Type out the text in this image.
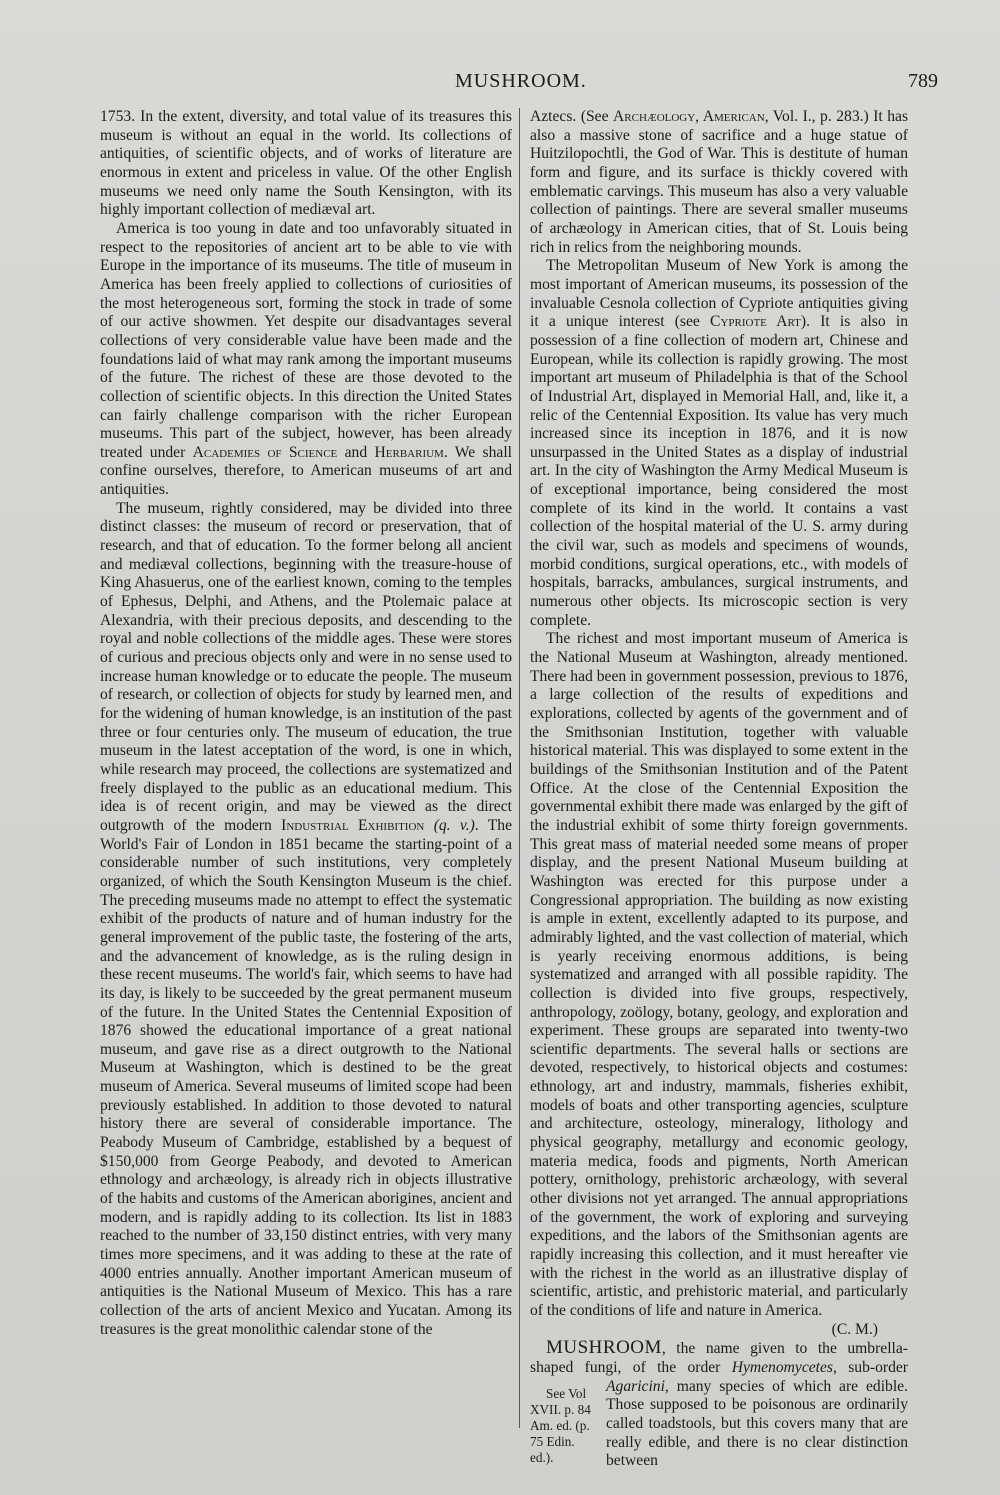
MUSHROOM.	789

1753. In the extent, diversity, and total value of its treasures this museum is without an equal in the world. Its collections of antiquities, of scientific objects, and of works of literature are enormous in extent and priceless in value. Of the other English museums we need only name the South Kensington, with its highly important collection of mediæval art.

America is too young in date and too unfavorably situated in respect to the repositories of ancient art to be able to vie with Europe in the importance of its museums. The title of museum in America has been freely applied to collections of curiosities of the most heterogeneous sort, forming the stock in trade of some of our active showmen. Yet despite our disadvantages several collections of very considerable value have been made and the foundations laid of what may rank among the important museums of the future. The richest of these are those devoted to the collection of scientific objects. In this direction the United States can fairly challenge comparison with the richer European museums. This part of the subject, however, has been already treated under Academies of Science and Herbarium. We shall confine ourselves, therefore, to American museums of art and antiquities.

The museum, rightly considered, may be divided into three distinct classes: the museum of record or preservation, that of research, and that of education. To the former belong all ancient and mediæval collections, beginning with the treasure-house of King Ahasuerus, one of the earliest known, coming to the temples of Ephesus, Delphi, and Athens, and the Ptolemaic palace at Alexandria, with their precious deposits, and descending to the royal and noble collections of the middle ages. These were stores of curious and precious objects only and were in no sense used to increase human knowledge or to educate the people. The museum of research, or collection of objects for study by learned men, and for the widening of human knowledge, is an institution of the past three or four centuries only. The museum of education, the true museum in the latest acceptation of the word, is one in which, while research may proceed, the collections are systematized and freely displayed to the public as an educational medium. This idea is of recent origin, and may be viewed as the direct outgrowth of the modern Industrial Exhibition (q. v.). The World's Fair of London in 1851 became the starting-point of a considerable number of such institutions, very completely organized, of which the South Kensington Museum is the chief. The preceding museums made no attempt to effect the systematic exhibit of the products of nature and of human industry for the general improvement of the public taste, the fostering of the arts, and the advancement of knowledge, as is the ruling design in these recent museums. The world's fair, which seems to have had its day, is likely to be succeeded by the great permanent museum of the future. In the United States the Centennial Exposition of 1876 showed the educational importance of a great national museum, and gave rise as a direct outgrowth to the National Museum at Washington, which is destined to be the great museum of America. Several museums of limited scope had been previously established. In addition to those devoted to natural history there are several of considerable importance. The Peabody Museum of Cambridge, established by a bequest of $150,000 from George Peabody, and devoted to American ethnology and archæology, is already rich in objects illustrative of the habits and customs of the American aborigines, ancient and modern, and is rapidly adding to its collection. Its list in 1883 reached to the number of 33,150 distinct entries, with very many times more specimens, and it was adding to these at the rate of 4000 entries annually. Another important American museum of antiquities is the National Museum of Mexico. This has a rare collection of the arts of ancient Mexico and Yucatan. Among its treasures is the great monolithic calendar stone of the

Aztecs. (See Archæology, American, Vol. I., p. 283.) It has also a massive stone of sacrifice and a huge statue of Huitzilopochtli, the God of War. This is destitute of human form and figure, and its surface is thickly covered with emblematic carvings. This museum has also a very valuable collection of paintings. There are several smaller museums of archæology in American cities, that of St. Louis being rich in relics from the neighboring mounds.

The Metropolitan Museum of New York is among the most important of American museums, its possession of the invaluable Cesnola collection of Cypriote antiquities giving it a unique interest (see Cypriote Art). It is also in possession of a fine collection of modern art, Chinese and European, while its collection is rapidly growing. The most important art museum of Philadelphia is that of the School of Industrial Art, displayed in Memorial Hall, and, like it, a relic of the Centennial Exposition. Its value has very much increased since its inception in 1876, and it is now unsurpassed in the United States as a display of industrial art. In the city of Washington the Army Medical Museum is of exceptional importance, being considered the most complete of its kind in the world. It contains a vast collection of the hospital material of the U. S. army during the civil war, such as models and specimens of wounds, morbid conditions, surgical operations, etc., with models of hospitals, barracks, ambulances, surgical instruments, and numerous other objects. Its microscopic section is very complete.

The richest and most important museum of America is the National Museum at Washington, already mentioned. There had been in government possession, previous to 1876, a large collection of the results of expeditions and explorations, collected by agents of the government and of the Smithsonian Institution, together with valuable historical material. This was displayed to some extent in the buildings of the Smithsonian Institution and of the Patent Office. At the close of the Centennial Exposition the governmental exhibit there made was enlarged by the gift of the industrial exhibit of some thirty foreign governments. This great mass of material needed some means of proper display, and the present National Museum building at Washington was erected for this purpose under a Congressional appropriation. The building as now existing is ample in extent, excellently adapted to its purpose, and admirably lighted, and the vast collection of material, which is yearly receiving enormous additions, is being systematized and arranged with all possible rapidity. The collection is divided into five groups, respectively, anthropology, zoölogy, botany, geology, and exploration and experiment. These groups are separated into twenty-two scientific departments. The several halls or sections are devoted, respectively, to historical objects and costumes: ethnology, art and industry, mammals, fisheries exhibit, models of boats and other transporting agencies, sculpture and architecture, osteology, mineralogy, lithology and physical geography, metallurgy and economic geology, materia medica, foods and pigments, North American pottery, ornithology, prehistoric archæology, with several other divisions not yet arranged. The annual appropriations of the government, the work of exploring and surveying expeditions, and the labors of the Smithsonian agents are rapidly increasing this collection, and it must hereafter vie with the richest in the world as an illustrative display of scientific, artistic, and prehistoric material, and particularly of the conditions of life and nature in America.
(C. M.)

MUSHROOM, the name given to the umbrella-shaped fungi, of the order Hymenomycetes, sub-order Agaricini
See Vol XVII. p. 84 Am. ed. (p. 75 Edin. ed.).
, many species of which are edible. Those supposed to be poisonous are ordinarily called toadstools, but this covers many that are really edible, and there is no clear distinction between
